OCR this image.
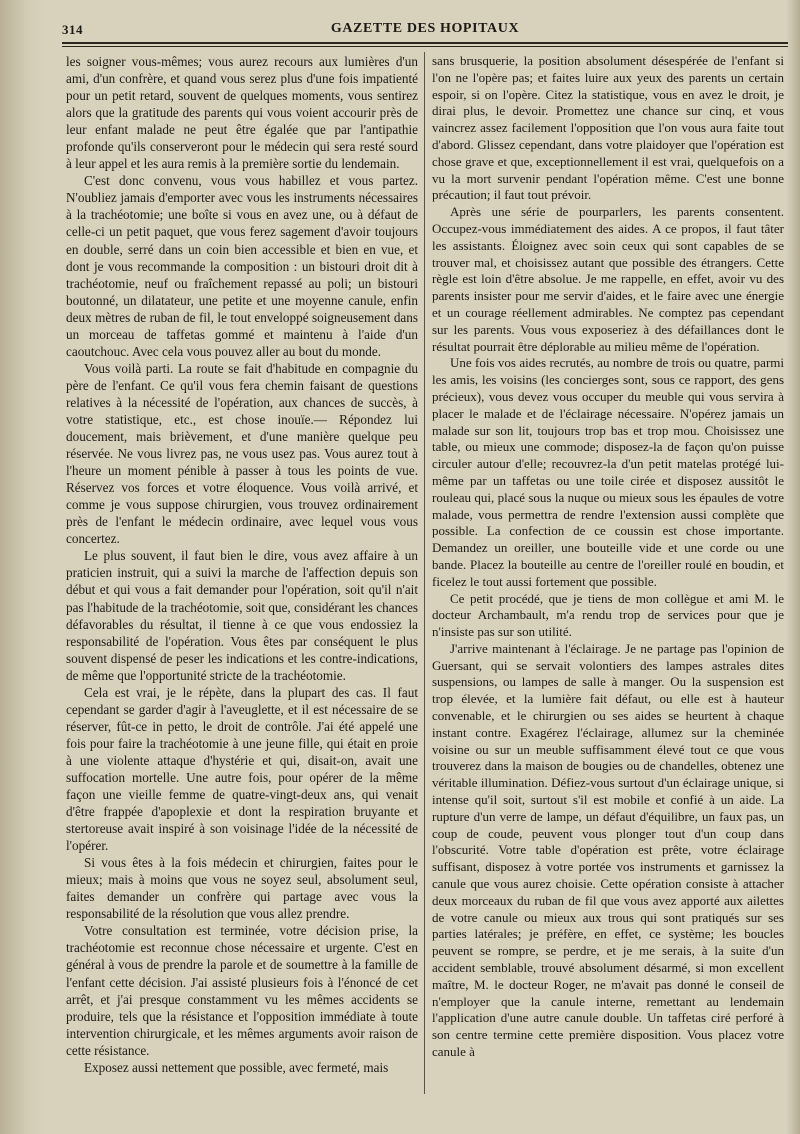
314	GAZETTE DES HOPITAUX

les soigner vous-mêmes; vous aurez recours aux lumières d'un ami, d'un confrère, et quand vous serez plus d'une fois impatienté pour un petit retard, souvent de quelques moments, vous sentirez alors que la gratitude des parents qui vous voient accourir près de leur enfant malade ne peut être égalée que par l'antipathie profonde qu'ils conserveront pour le médecin qui sera resté sourd à leur appel et les aura remis à la première sortie du lendemain.

C'est donc convenu, vous vous habillez et vous partez. N'oubliez jamais d'emporter avec vous les instruments nécessaires à la trachéotomie; une boîte si vous en avez une, ou à défaut de celle-ci un petit paquet, que vous ferez sagement d'avoir toujours en double, serré dans un coin bien accessible et bien en vue, et dont je vous recommande la composition : un bistouri droit dit à trachéotomie, neuf ou fraîchement repassé au poli; un bistouri boutonné, un dilatateur, une petite et une moyenne canule, enfin deux mètres de ruban de fil, le tout enveloppé soigneusement dans un morceau de taffetas gommé et maintenu à l'aide d'un caoutchouc. Avec cela vous pouvez aller au bout du monde.

Vous voilà parti. La route se fait d'habitude en compagnie du père de l'enfant. Ce qu'il vous fera chemin faisant de questions relatives à la nécessité de l'opération, aux chances de succès, à votre statistique, etc., est chose inouïe.— Répondez lui doucement, mais brièvement, et d'une manière quelque peu réservée. Ne vous livrez pas, ne vous usez pas. Vous aurez tout à l'heure un moment pénible à passer à tous les points de vue. Réservez vos forces et votre éloquence. Vous voilà arrivé, et comme je vous suppose chirurgien, vous trouvez ordinairement près de l'enfant le médecin ordinaire, avec lequel vous vous concertez.

Le plus souvent, il faut bien le dire, vous avez affaire à un praticien instruit, qui a suivi la marche de l'affection depuis son début et qui vous a fait demander pour l'opération, soit qu'il n'ait pas l'habitude de la trachéotomie, soit que, considérant les chances défavorables du résultat, il tienne à ce que vous endossiez la responsabilité de l'opération. Vous êtes par conséquent le plus souvent dispensé de peser les indications et les contre-indications, de même que l'opportunité stricte de la trachéotomie.

Cela est vrai, je le répète, dans la plupart des cas. Il faut cependant se garder d'agir à l'aveuglette, et il est nécessaire de se réserver, fût-ce in petto, le droit de contrôle. J'ai été appelé une fois pour faire la trachéotomie à une jeune fille, qui était en proie à une violente attaque d'hystérie et qui, disait-on, avait une suffocation mortelle. Une autre fois, pour opérer de la même façon une vieille femme de quatre-vingt-deux ans, qui venait d'être frappée d'apoplexie et dont la respiration bruyante et stertoreuse avait inspiré à son voisinage l'idée de la nécessité de l'opérer.

Si vous êtes à la fois médecin et chirurgien, faites pour le mieux; mais à moins que vous ne soyez seul, absolument seul, faites demander un confrère qui partage avec vous la responsabilité de la résolution que vous allez prendre.

Votre consultation est terminée, votre décision prise, la trachéotomie est reconnue chose nécessaire et urgente. C'est en général à vous de prendre la parole et de soumettre à la famille de l'enfant cette décision. J'ai assisté plusieurs fois à l'énoncé de cet arrêt, et j'ai presque constamment vu les mêmes accidents se produire, tels que la résistance et l'opposition immédiate à toute intervention chirurgicale, et les mêmes arguments avoir raison de cette résistance.

Exposez aussi nettement que possible, avec fermeté, mais

sans brusquerie, la position absolument désespérée de l'enfant si l'on ne l'opère pas; et faites luire aux yeux des parents un certain espoir, si on l'opère. Citez la statistique, vous en avez le droit, je dirai plus, le devoir. Promettez une chance sur cinq, et vous vaincrez assez facilement l'opposition que l'on vous aura faite tout d'abord. Glissez cependant, dans votre plaidoyer que l'opération est chose grave et que, exceptionnellement il est vrai, quelquefois on a vu la mort survenir pendant l'opération même. C'est une bonne précaution; il faut tout prévoir.

Après une série de pourparlers, les parents consentent. Occupez-vous immédiatement des aides. A ce propos, il faut tâter les assistants. Éloignez avec soin ceux qui sont capables de se trouver mal, et choisissez autant que possible des étrangers. Cette règle est loin d'être absolue. Je me rappelle, en effet, avoir vu des parents insister pour me servir d'aides, et le faire avec une énergie et un courage réellement admirables. Ne comptez pas cependant sur les parents. Vous vous exposeriez à des défaillances dont le résultat pourrait être déplorable au milieu même de l'opération.

Une fois vos aides recrutés, au nombre de trois ou quatre, parmi les amis, les voisins (les concierges sont, sous ce rapport, des gens précieux), vous devez vous occuper du meuble qui vous servira à placer le malade et de l'éclairage nécessaire. N'opérez jamais un malade sur son lit, toujours trop bas et trop mou. Choisissez une table, ou mieux une commode; disposez-la de façon qu'on puisse circuler autour d'elle; recouvrez-la d'un petit matelas protégé lui-même par un taffetas ou une toile cirée et disposez aussitôt le rouleau qui, placé sous la nuque ou mieux sous les épaules de votre malade, vous permettra de rendre l'extension aussi complète que possible. La confection de ce coussin est chose importante. Demandez un oreiller, une bouteille vide et une corde ou une bande. Placez la bouteille au centre de l'oreiller roulé en boudin, et ficelez le tout aussi fortement que possible.

Ce petit procédé, que je tiens de mon collègue et ami M. le docteur Archambault, m'a rendu trop de services pour que je n'insiste pas sur son utilité.

J'arrive maintenant à l'éclairage. Je ne partage pas l'opinion de Guersant, qui se servait volontiers des lampes astrales dites suspensions, ou lampes de salle à manger. Ou la suspension est trop élevée, et la lumière fait défaut, ou elle est à hauteur convenable, et le chirurgien ou ses aides se heurtent à chaque instant contre. Exagérez l'éclairage, allumez sur la cheminée voisine ou sur un meuble suffisamment élevé tout ce que vous trouverez dans la maison de bougies ou de chandelles, obtenez une véritable illumination. Défiez-vous surtout d'un éclairage unique, si intense qu'il soit, surtout s'il est mobile et confié à un aide. La rupture d'un verre de lampe, un défaut d'équilibre, un faux pas, un coup de coude, peuvent vous plonger tout d'un coup dans l'obscurité. Votre table d'opération est prête, votre éclairage suffisant, disposez à votre portée vos instruments et garnissez la canule que vous aurez choisie. Cette opération consiste à attacher deux morceaux du ruban de fil que vous avez apporté aux ailettes de votre canule ou mieux aux trous qui sont pratiqués sur ses parties latérales; je préfère, en effet, ce système; les boucles peuvent se rompre, se perdre, et je me serais, à la suite d'un accident semblable, trouvé absolument désarmé, si mon excellent maître, M. le docteur Roger, ne m'avait pas donné le conseil de n'employer que la canule interne, remettant au lendemain l'application d'une autre canule double. Un taffetas ciré perforé à son centre termine cette première disposition. Vous placez votre canule à
